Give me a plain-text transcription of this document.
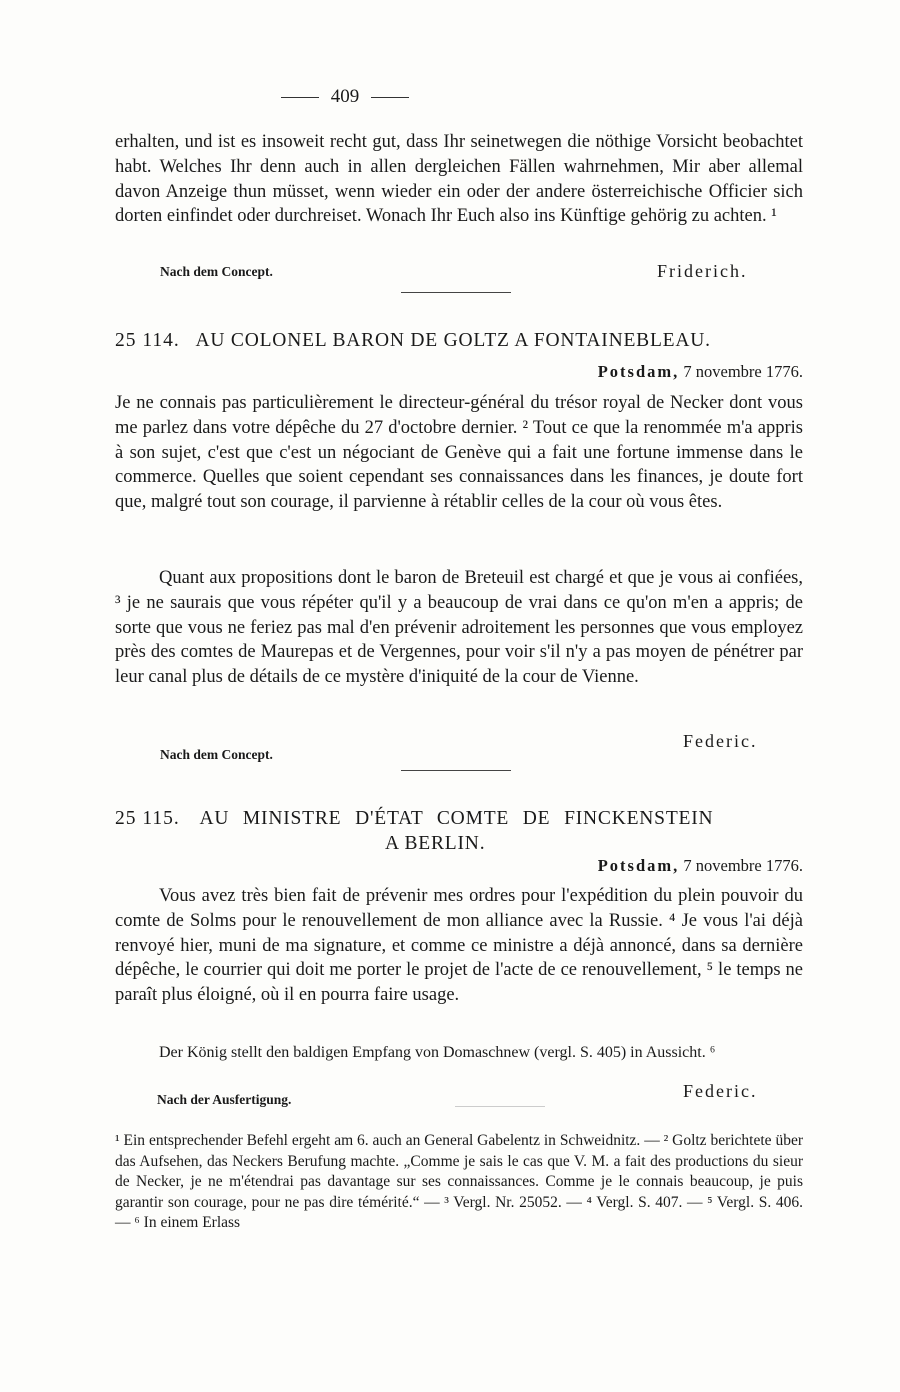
409

erhalten, und ist es insoweit recht gut, dass Ihr seinetwegen die nöthige Vorsicht beobachtet habt. Welches Ihr denn auch in allen dergleichen Fällen wahrnehmen, Mir aber allemal davon Anzeige thun müsset, wenn wieder ein oder der andere österreichische Officier sich dorten einfindet oder durchreiset. Wonach Ihr Euch also ins Künftige gehörig zu achten. ¹

Nach dem Concept.	Friderich.
25 114. AU COLONEL BARON DE GOLTZ A FONTAINEBLEAU.
Potsdam, 7 novembre 1776.

Je ne connais pas particulièrement le directeur-général du trésor royal de Necker dont vous me parlez dans votre dépêche du 27 d'octobre dernier. ² Tout ce que la renommée m'a appris à son sujet, c'est que c'est un négociant de Genève qui a fait une fortune immense dans le commerce. Quelles que soient cependant ses connaissances dans les finances, je doute fort que, malgré tout son courage, il parvienne à rétablir celles de la cour où vous êtes.

Quant aux propositions dont le baron de Breteuil est chargé et que je vous ai confiées, ³ je ne saurais que vous répéter qu'il y a beaucoup de vrai dans ce qu'on m'en a appris; de sorte que vous ne feriez pas mal d'en prévenir adroitement les personnes que vous employez près des comtes de Maurepas et de Vergennes, pour voir s'il n'y a pas moyen de pénétrer par leur canal plus de détails de ce mystère d'iniquité de la cour de Vienne.

Federic.
Nach dem Concept.
25 115. AU MINISTRE D'ÉTAT COMTE DE FINCKENSTEIN
A BERLIN.
Potsdam, 7 novembre 1776.

Vous avez très bien fait de prévenir mes ordres pour l'expédition du plein pouvoir du comte de Solms pour le renouvellement de mon alliance avec la Russie. ⁴ Je vous l'ai déjà renvoyé hier, muni de ma signature, et comme ce ministre a déjà annoncé, dans sa dernière dépêche, le courrier qui doit me porter le projet de l'acte de ce renouvellement, ⁵ le temps ne paraît plus éloigné, où il en pourra faire usage.

Der König stellt den baldigen Empfang von Domaschnew (vergl. S. 405) in Aussicht. ⁶

Federic.
Nach der Ausfertigung.

¹ Ein entsprechender Befehl ergeht am 6. auch an General Gabelentz in Schweidnitz. — ² Goltz berichtete über das Aufsehen, das Neckers Berufung machte. „Comme je sais le cas que V. M. a fait des productions du sieur de Necker, je ne m'étendrai pas davantage sur ses connaissances. Comme je le connais beaucoup, je puis garantir son courage, pour ne pas dire témérité.“ — ³ Vergl. Nr. 25052. — ⁴ Vergl. S. 407. — ⁵ Vergl. S. 406. — ⁶ In einem Erlass
